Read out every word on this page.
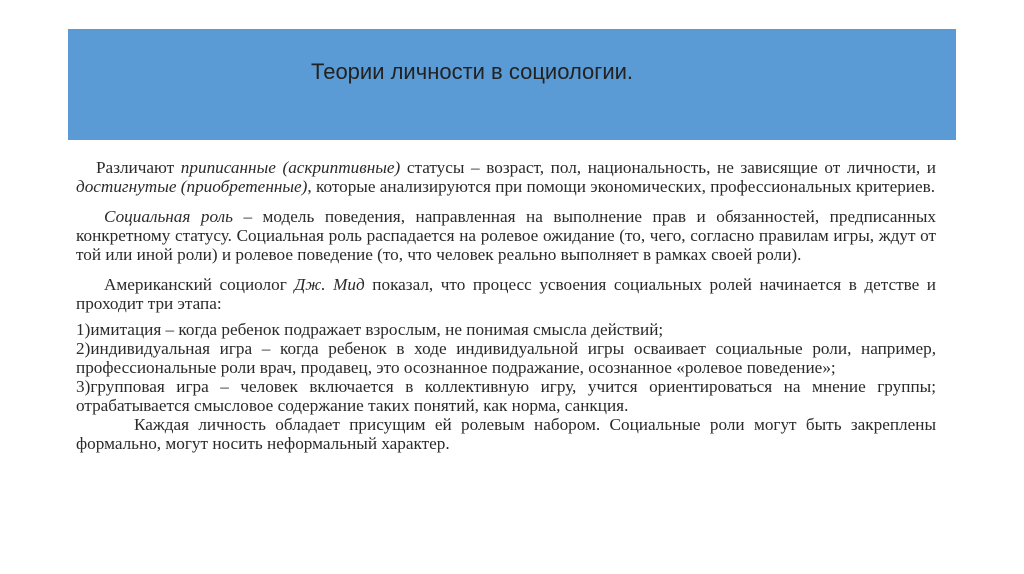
Теории личности в социологии.

Различают приписанные (аскриптивные) статусы – возраст, пол, национальность, не зависящие от личности, и достигнутые (приобретенные), которые анализируются при помощи экономических, профессиональных критериев.

Социальная роль – модель поведения, направленная на выполнение прав и обязанностей, предписанных конкретному статусу. Социальная роль распадается на ролевое ожидание (то, чего, согласно правилам игры, ждут от той или иной роли) и ролевое поведение (то, что человек реально выполняет в рамках своей роли).

Американский социолог Дж. Мид показал, что процесс усвоения социальных ролей начинается в детстве и проходит три этапа:

1)имитация – когда ребенок подражает взрослым, не понимая смысла действий;

2)индивидуальная игра – когда ребенок в ходе индивидуальной игры осваивает социальные роли, например, профессиональные роли врач, продавец, это осознанное подражание, осознанное «ролевое поведение»;

3)групповая игра – человек включается в коллективную игру, учится ориентироваться на мнение группы; отрабатывается смысловое содержание таких понятий, как норма, санкция.

Каждая личность обладает присущим ей ролевым набором. Социальные роли могут быть закреплены формально, могут носить неформальный характер.
